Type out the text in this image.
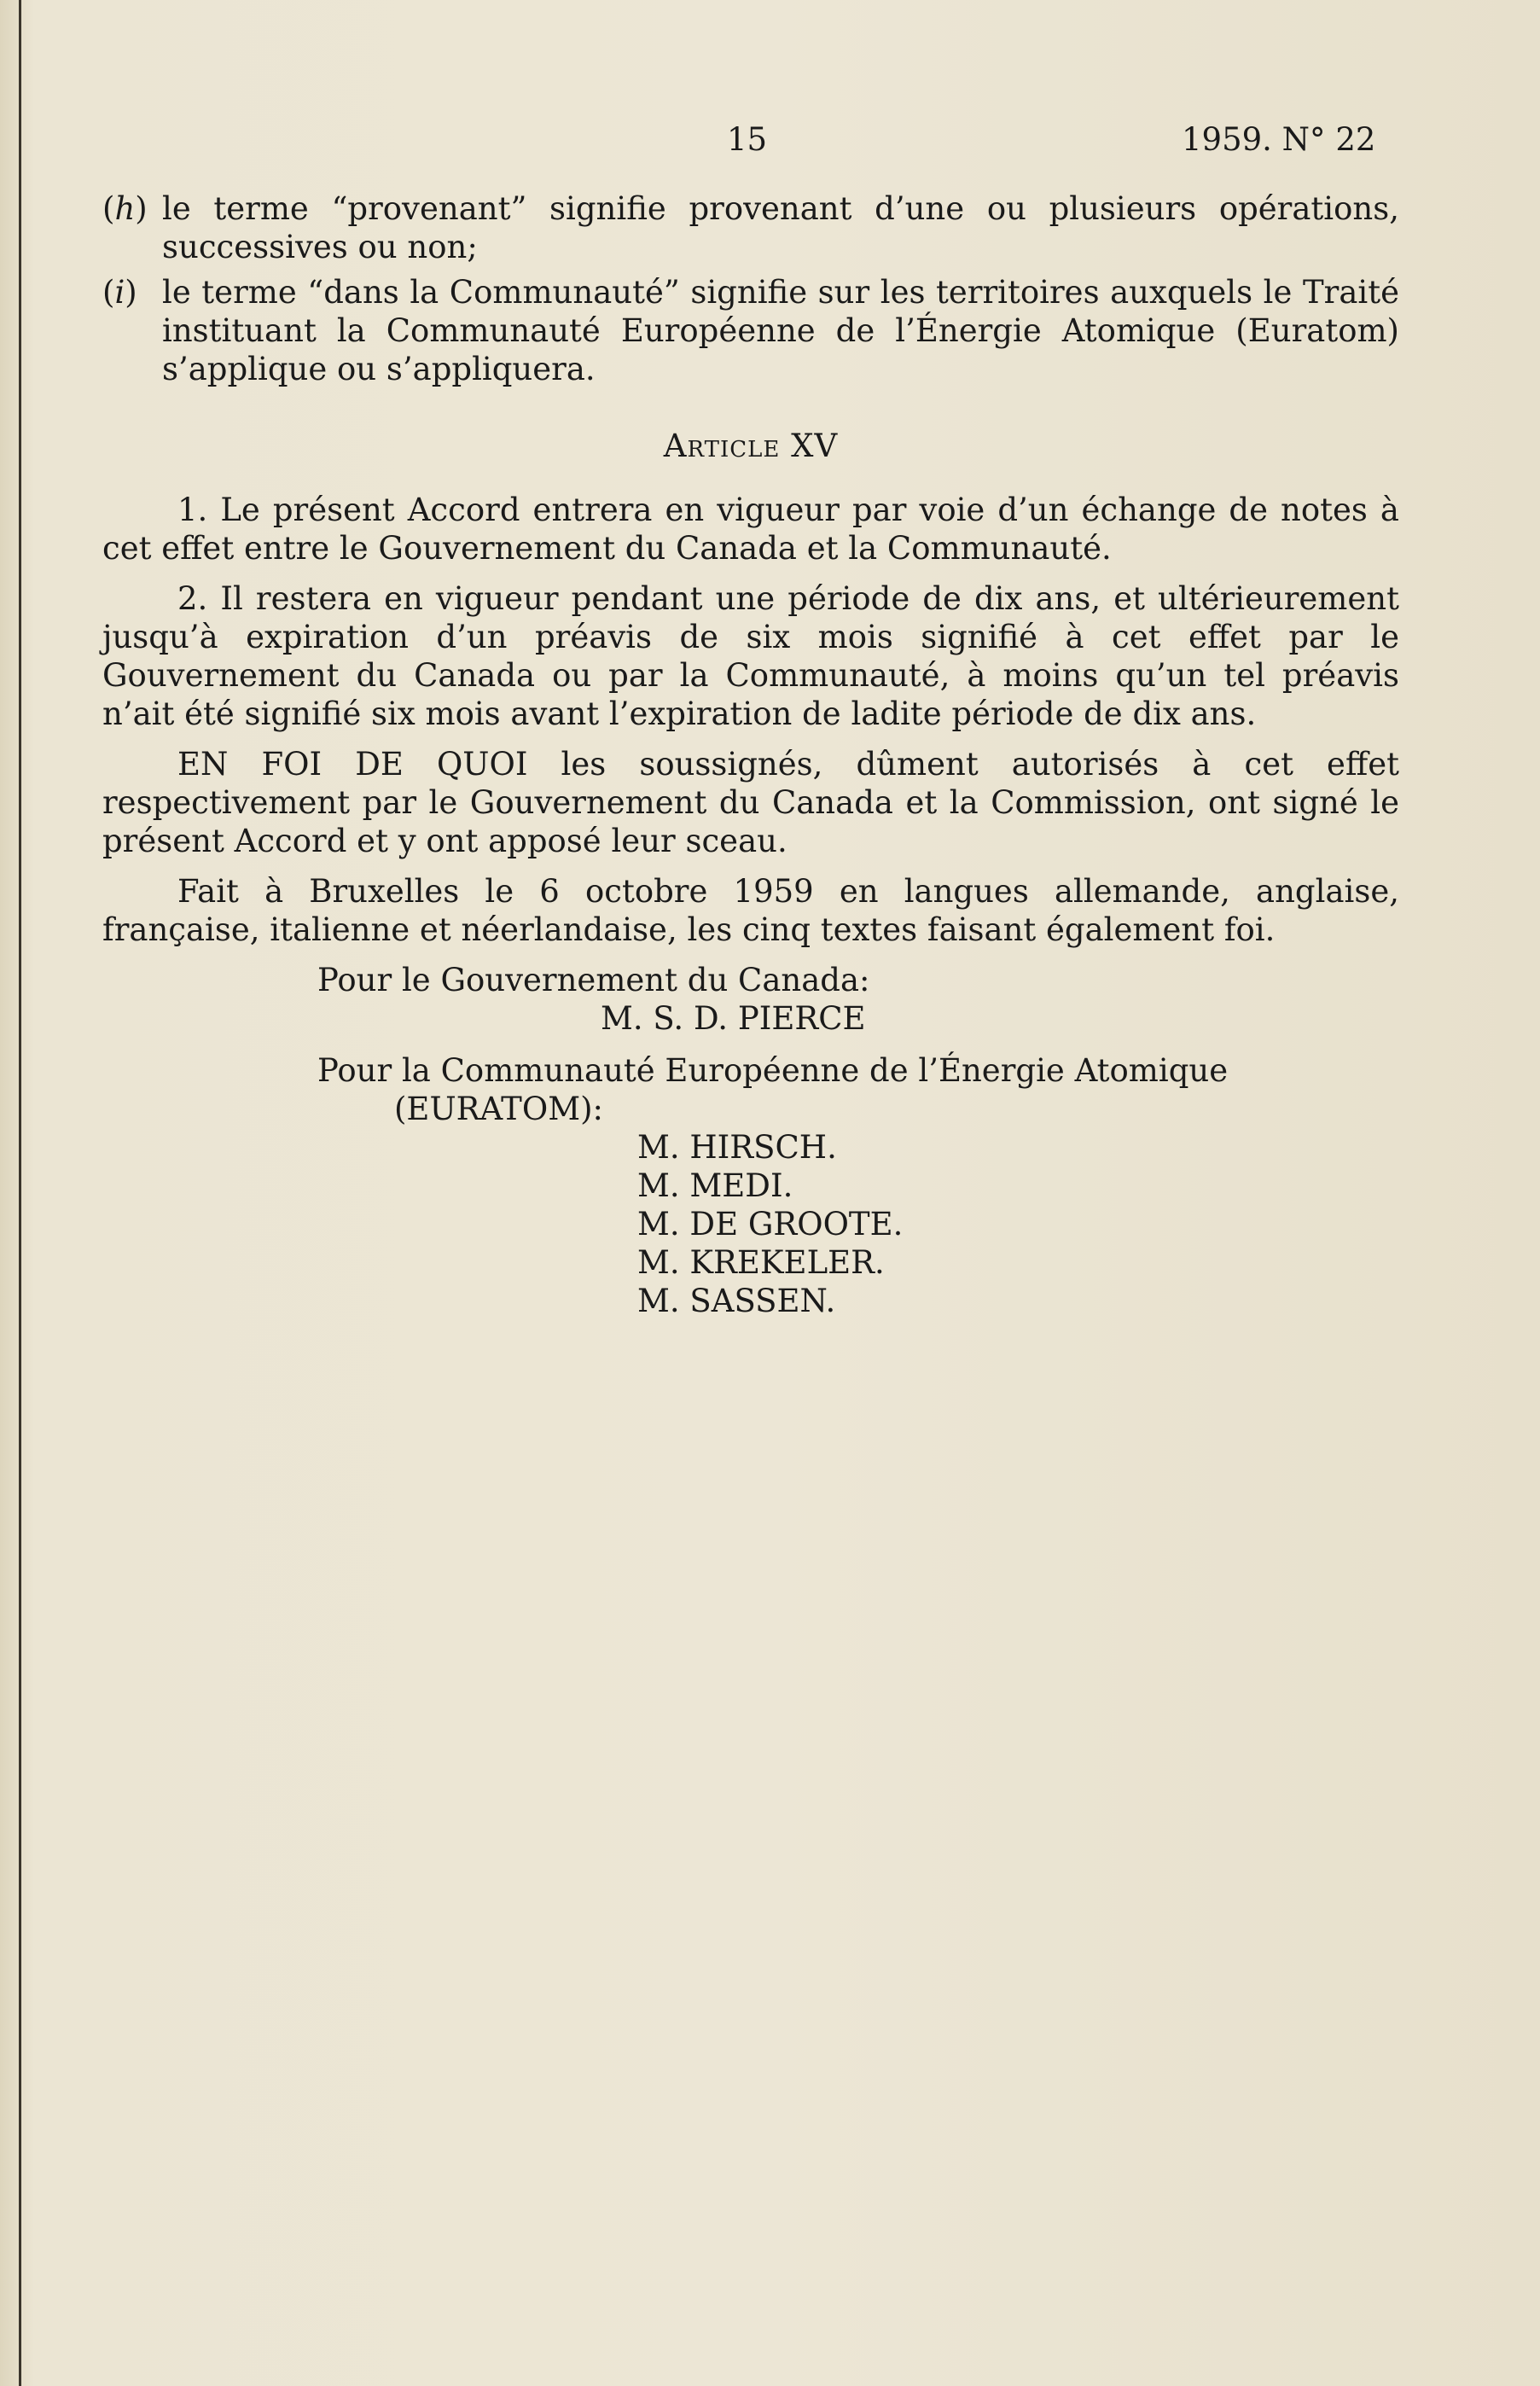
15	1959. N° 22
(h) le terme “provenant” signifie provenant d’une ou plusieurs opérations, successives ou non;
(i) le terme “dans la Communauté” signifie sur les territoires auxquels le Traité instituant la Communauté Européenne de l’Énergie Atomique (Euratom) s’applique ou s’appliquera.
Article XV

1. Le présent Accord entrera en vigueur par voie d’un échange de notes à cet effet entre le Gouvernement du Canada et la Communauté.

2. Il restera en vigueur pendant une période de dix ans, et ultérieurement jusqu’à expiration d’un préavis de six mois signifié à cet effet par le Gouvernement du Canada ou par la Communauté, à moins qu’un tel préavis n’ait été signifié six mois avant l’expiration de ladite période de dix ans.

EN FOI DE QUOI les soussignés, dûment autorisés à cet effet respectivement par le Gouvernement du Canada et la Commission, ont signé le présent Accord et y ont apposé leur sceau.

Fait à Bruxelles le 6 octobre 1959 en langues allemande, anglaise, française, italienne et néerlandaise, les cinq textes faisant également foi.

Pour le Gouvernement du Canada:

M. S. D. PIERCE

Pour la Communauté Européenne de l’Énergie Atomique

(EURATOM):

M. HIRSCH.

M. MEDI.

M. DE GROOTE.

M. KREKELER.

M. SASSEN.
